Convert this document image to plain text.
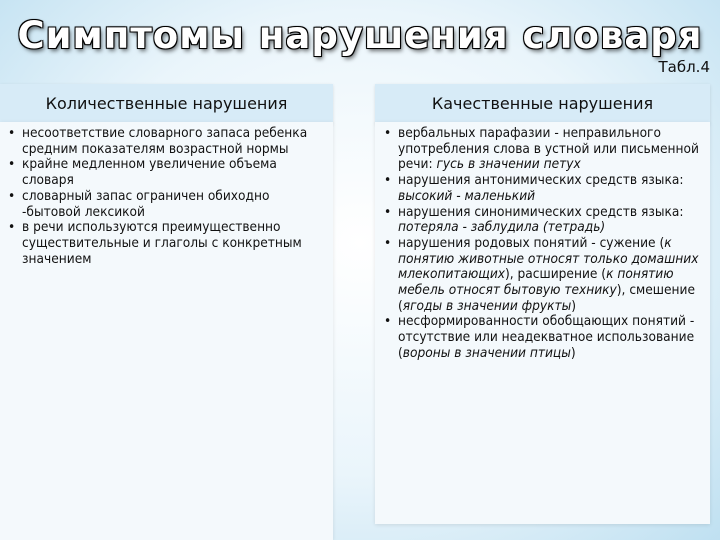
Симптомы нарушения словаря
Табл.4
Количественные нарушения
• несоответствие словарного запаса ребенка средним показателям возрастной нормы
• крайне медленном увеличение объема словаря
• словарный запас ограничен обиходно -бытовой лексикой
• в речи используются преимущественно существительные и глаголы с конкретным значением
Качественные нарушения
• вербальных парафазии - неправильного употребления слова в устной или письменной речи: гусь в значении петух
• нарушения антонимических средств языка: высокий - маленький
• нарушения синонимических средств языка: потеряла - заблудила (тетрадь)
• нарушения родовых понятий - сужение (к понятию животные относят только домашних млекопитающих), расширение (к понятию мебель относят бытовую технику), смешение (ягоды в значении фрукты)
• несформированности обобщающих понятий - отсутствие или неадекватное использование (вороны в значении птицы)
